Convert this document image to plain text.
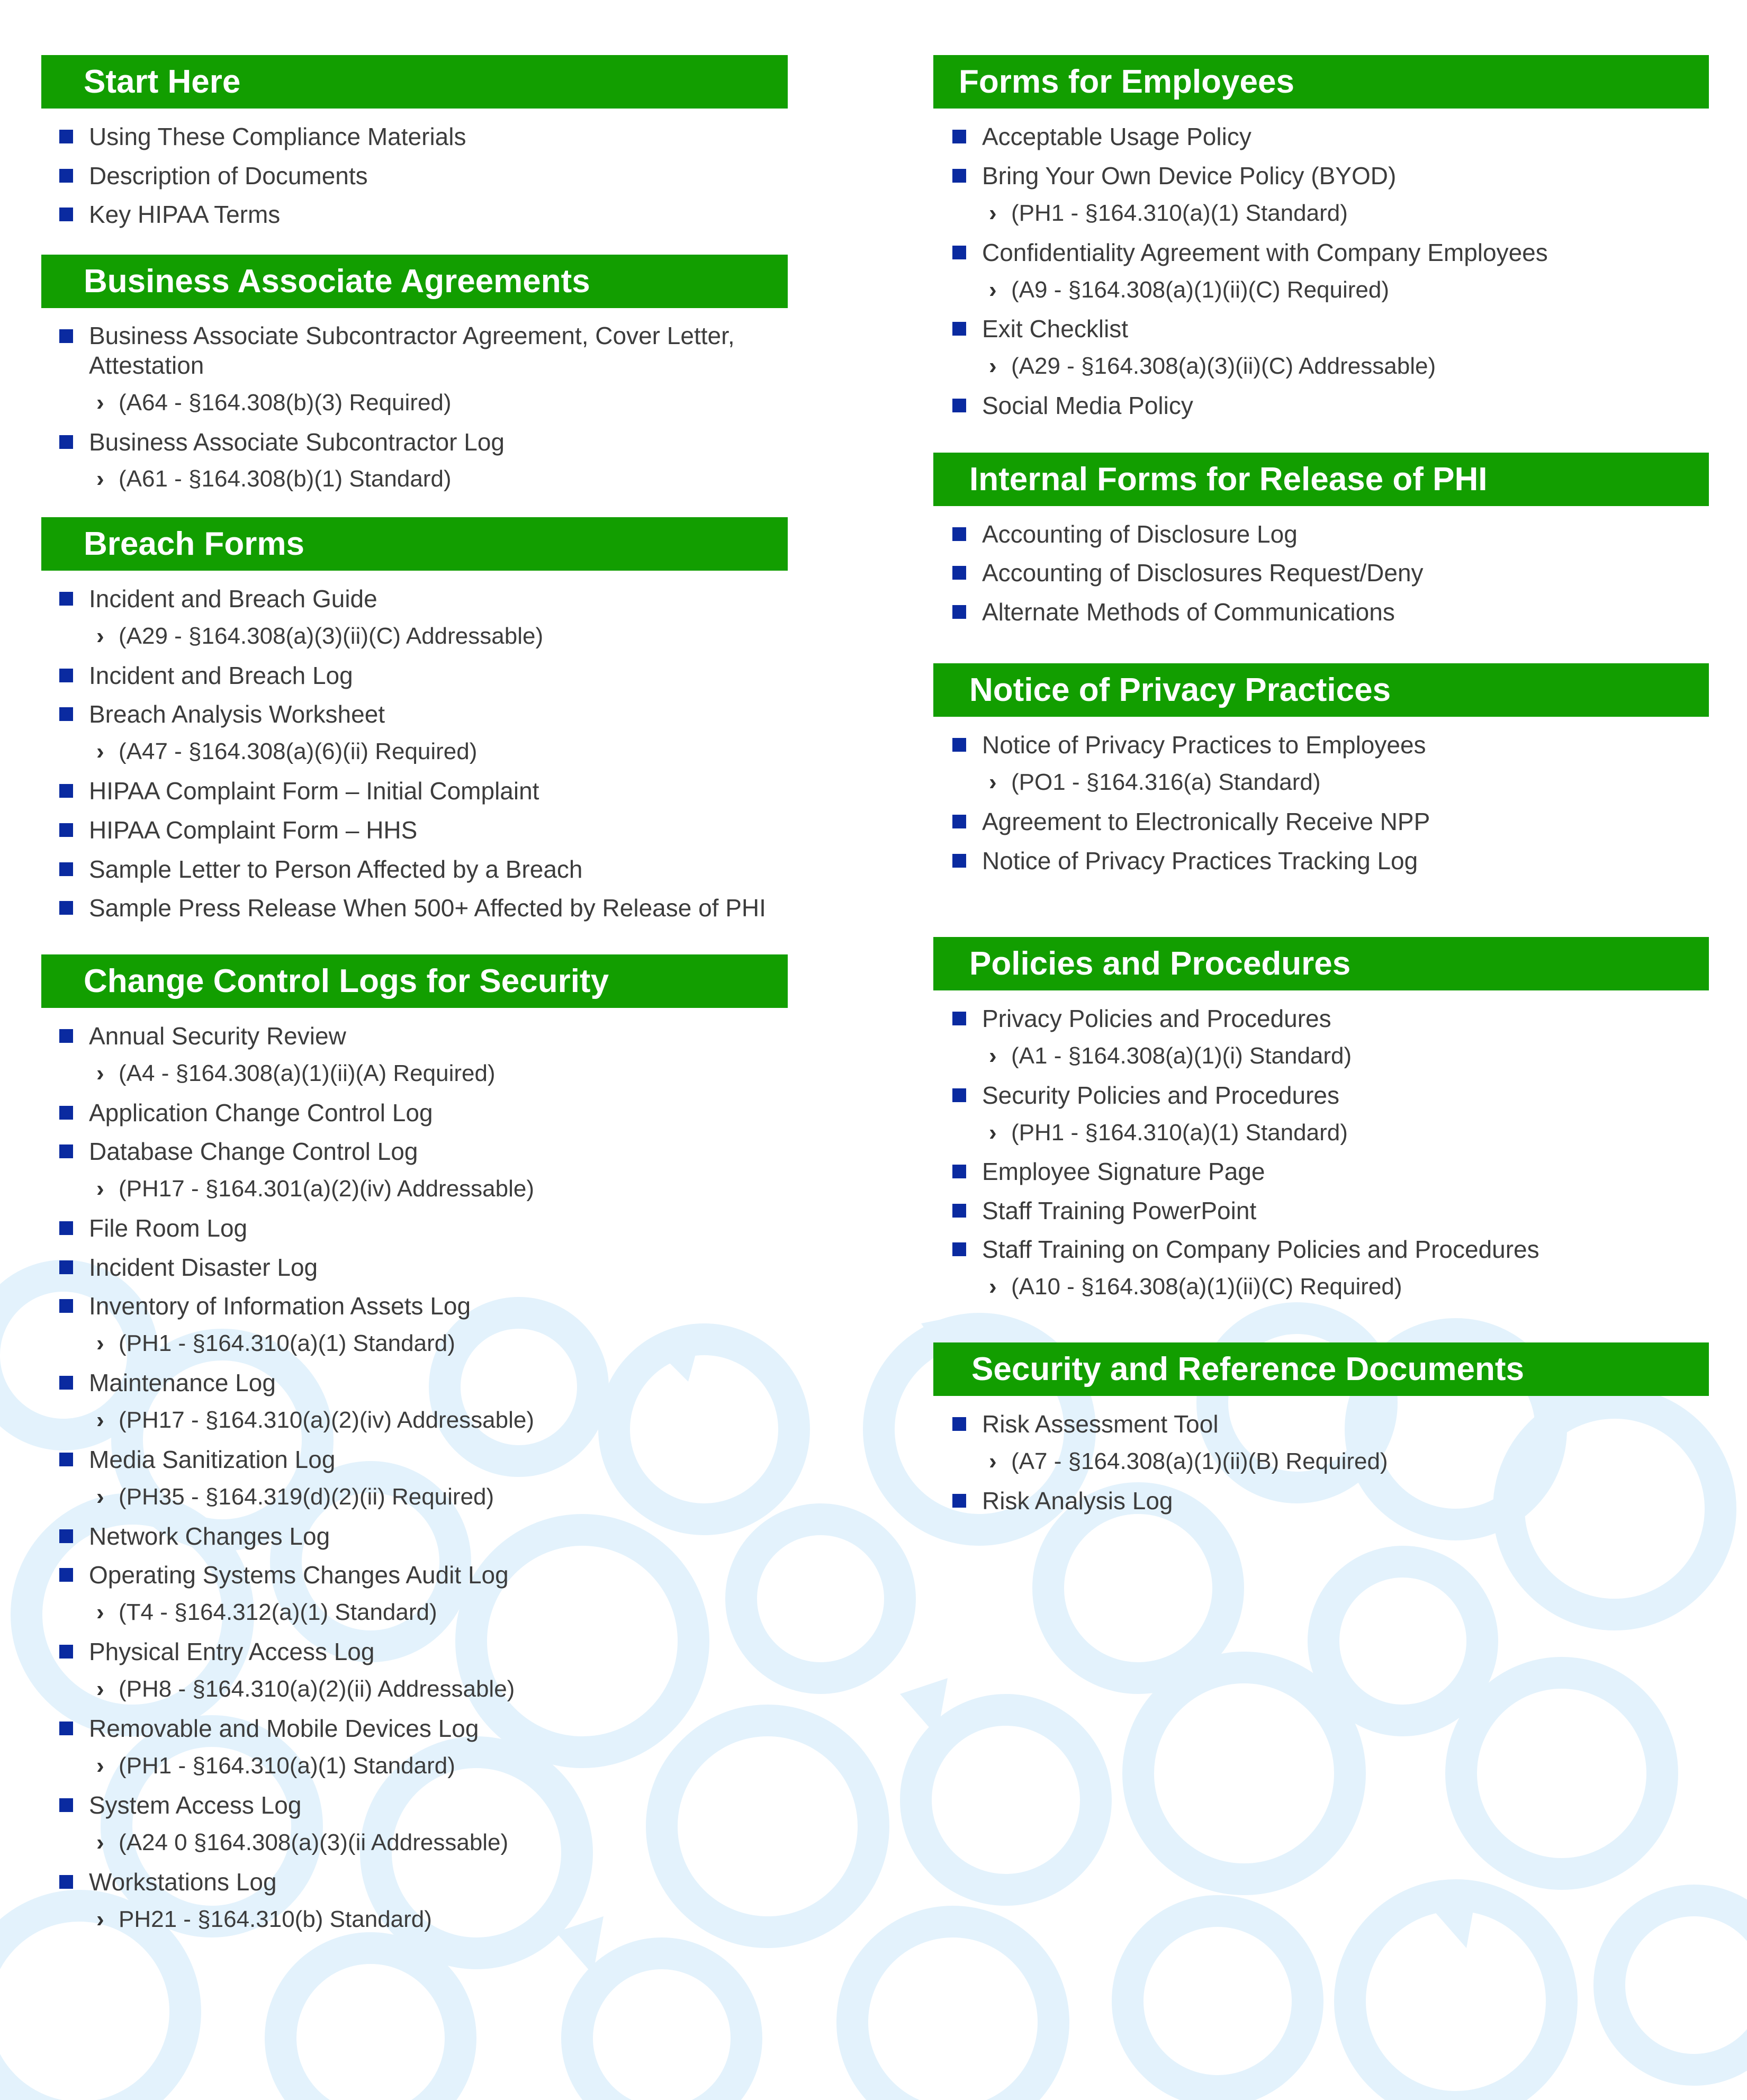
Start Here
Using These Compliance Materials
Description of Documents
Key HIPAA Terms
Business Associate Agreements
Business Associate Subcontractor Agreement, Cover Letter, Attestation
› (A64 - §164.308(b)(3) Required)
Business Associate Subcontractor Log
› (A61 - §164.308(b)(1) Standard)
Breach Forms
Incident and Breach Guide
› (A29 - §164.308(a)(3)(ii)(C) Addressable)
Incident and Breach Log
Breach Analysis Worksheet
› (A47 - §164.308(a)(6)(ii) Required)
HIPAA Complaint Form – Initial Complaint
HIPAA Complaint Form – HHS
Sample Letter to Person Affected by a Breach
Sample Press Release When 500+ Affected by Release of PHI
Change Control Logs for Security
Annual Security Review
› (A4 - §164.308(a)(1)(ii)(A) Required)
Application Change Control Log
Database Change Control Log
› (PH17 - §164.301(a)(2)(iv) Addressable)
File Room Log
Incident Disaster Log
Inventory of Information Assets Log
› (PH1 - §164.310(a)(1) Standard)
Maintenance Log
› (PH17 - §164.310(a)(2)(iv) Addressable)
Media Sanitization Log
› (PH35 - §164.319(d)(2)(ii) Required)
Network Changes Log
Operating Systems Changes Audit Log
› (T4 - §164.312(a)(1) Standard)
Physical Entry Access Log
› (PH8 - §164.310(a)(2)(ii) Addressable)
Removable and Mobile Devices Log
› (PH1 - §164.310(a)(1) Standard)
System Access Log
› (A24 0 §164.308(a)(3)(ii Addressable)
Workstations Log
› PH21 - §164.310(b) Standard)
Forms for Employees
Acceptable Usage Policy
Bring Your Own Device Policy (BYOD)
› (PH1 - §164.310(a)(1) Standard)
Confidentiality Agreement with Company Employees
› (A9 - §164.308(a)(1)(ii)(C) Required)
Exit Checklist
› (A29 - §164.308(a)(3)(ii)(C) Addressable)
Social Media Policy
Internal Forms for Release of PHI
Accounting of Disclosure Log
Accounting of Disclosures Request/Deny
Alternate Methods of Communications
Notice of Privacy Practices
Notice of Privacy Practices to Employees
› (PO1 - §164.316(a) Standard)
Agreement to Electronically Receive NPP
Notice of Privacy Practices Tracking Log
Policies and Procedures
Privacy Policies and Procedures
› (A1 - §164.308(a)(1)(i) Standard)
Security Policies and Procedures
› (PH1 - §164.310(a)(1) Standard)
Employee Signature Page
Staff Training PowerPoint
Staff Training on Company Policies and Procedures
› (A10 - §164.308(a)(1)(ii)(C) Required)
Security and Reference Documents
Risk Assessment Tool
› (A7 - §164.308(a)(1)(ii)(B) Required)
Risk Analysis Log
